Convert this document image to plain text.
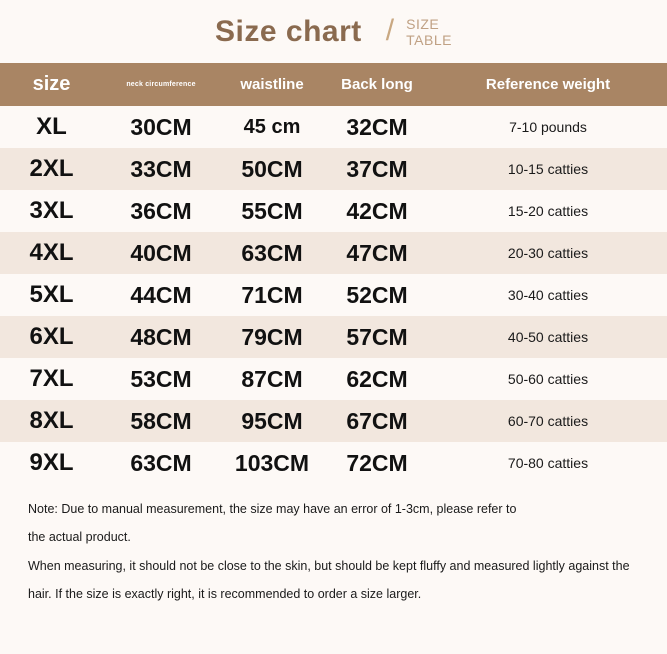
Size chart / SIZE
TABLE
size	neck circumference	waistline	Back long	Reference weight
XL	30CM	45 cm	32CM	7-10 pounds
2XL	33CM	50CM	37CM	10-15 catties
3XL	36CM	55CM	42CM	15-20 catties
4XL	40CM	63CM	47CM	20-30 catties
5XL	44CM	71CM	52CM	30-40 catties
6XL	48CM	79CM	57CM	40-50 catties
7XL	53CM	87CM	62CM	50-60 catties
8XL	58CM	95CM	67CM	60-70 catties
9XL	63CM	103CM	72CM	70-80 catties

Note: Due to manual measurement, the size may have an error of 1-3cm, please refer to

the actual product.

When measuring, it should not be close to the skin, but should be kept fluffy and measured lightly against the

hair. If the size is exactly right, it is recommended to order a size larger.
